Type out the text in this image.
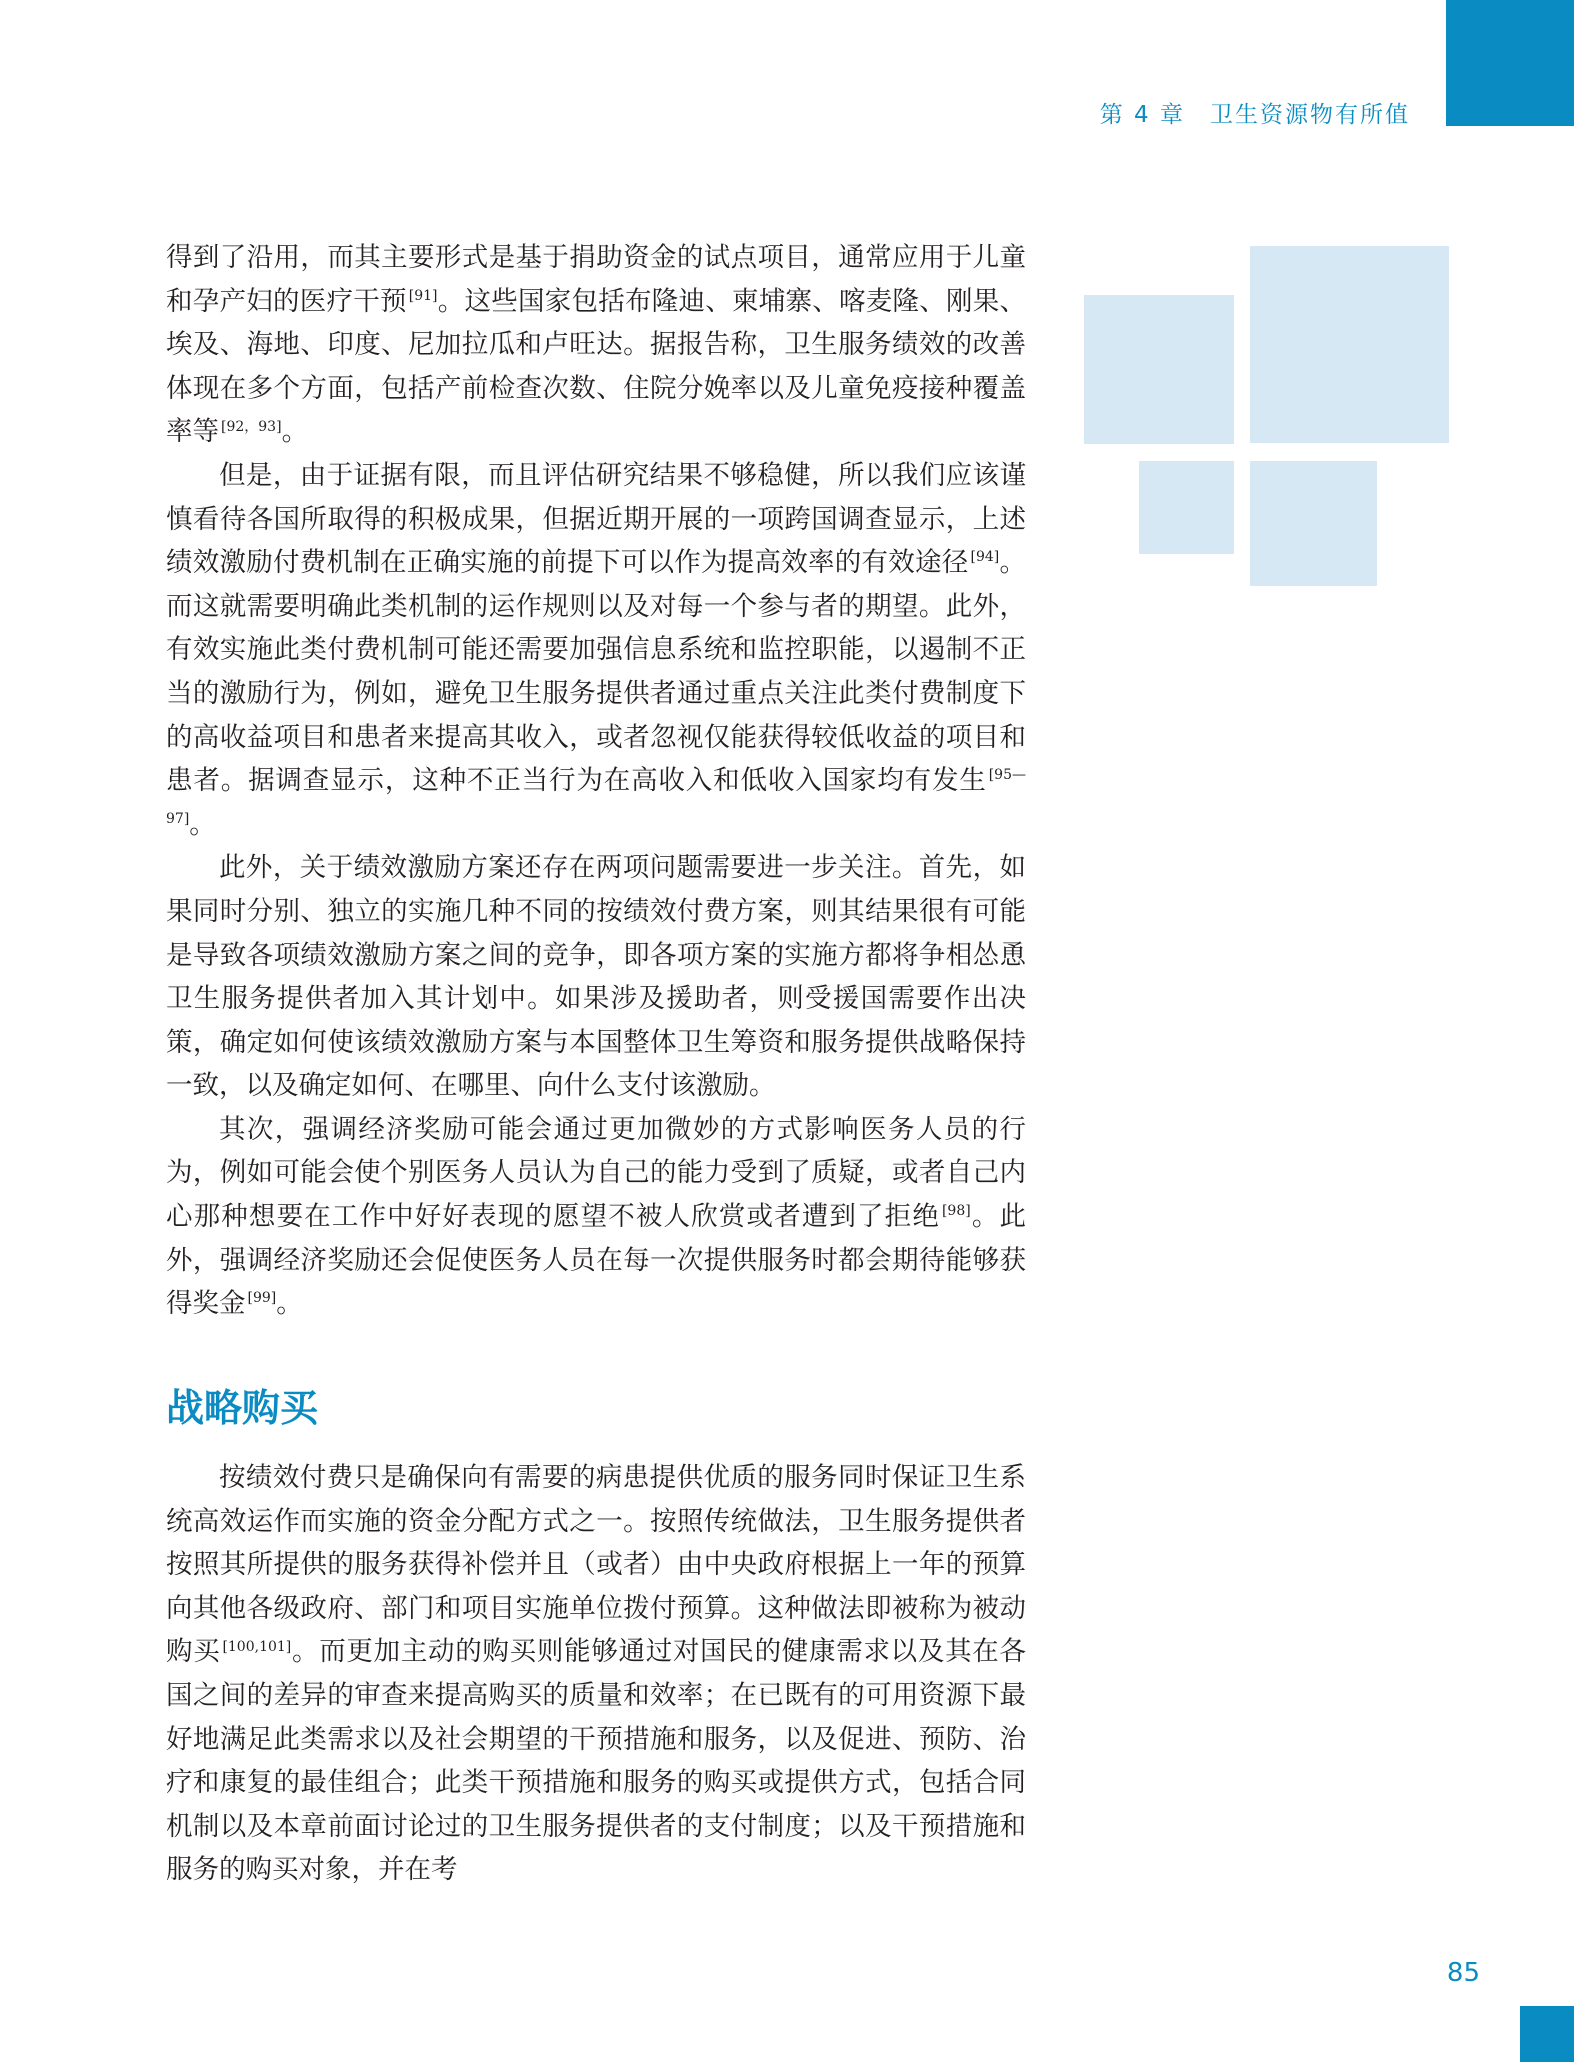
第 4 章　卫生资源物有所值

得到了沿用，而其主要形式是基于捐助资金的试点项目，通常应用于儿童和孕产妇的医疗干预 [91]。这些国家包括布隆迪、柬埔寨、喀麦隆、刚果、埃及、海地、印度、尼加拉瓜和卢旺达。据报告称，卫生服务绩效的改善体现在多个方面，包括产前检查次数、住院分娩率以及儿童免疫接种覆盖率等 [92，93]。

但是，由于证据有限，而且评估研究结果不够稳健，所以我们应该谨慎看待各国所取得的积极成果，但据近期开展的一项跨国调查显示，上述绩效激励付费机制在正确实施的前提下可以作为提高效率的有效途径 [94]。而这就需要明确此类机制的运作规则以及对每一个参与者的期望。此外，有效实施此类付费机制可能还需要加强信息系统和监控职能，以遏制不正当的激励行为，例如，避免卫生服务提供者通过重点关注此类付费制度下的高收益项目和患者来提高其收入，或者忽视仅能获得较低收益的项目和患者。据调查显示，这种不正当行为在高收入和低收入国家均有发生 [95—97]。

此外，关于绩效激励方案还存在两项问题需要进一步关注。首先，如果同时分别、独立的实施几种不同的按绩效付费方案，则其结果很有可能是导致各项绩效激励方案之间的竞争，即各项方案的实施方都将争相怂恿卫生服务提供者加入其计划中。如果涉及援助者，则受援国需要作出决策，确定如何使该绩效激励方案与本国整体卫生筹资和服务提供战略保持一致，以及确定如何、在哪里、向什么支付该激励。

其次，强调经济奖励可能会通过更加微妙的方式影响医务人员的行为，例如可能会使个别医务人员认为自己的能力受到了质疑，或者自己内心那种想要在工作中好好表现的愿望不被人欣赏或者遭到了拒绝 [98]。此外，强调经济奖励还会促使医务人员在每一次提供服务时都会期待能够获得奖金 [99]。

战略购买

按绩效付费只是确保向有需要的病患提供优质的服务同时保证卫生系统高效运作而实施的资金分配方式之一。按照传统做法，卫生服务提供者按照其所提供的服务获得补偿并且（或者）由中央政府根据上一年的预算向其他各级政府、部门和项目实施单位拨付预算。这种做法即被称为被动购买 [100,101]。而更加主动的购买则能够通过对国民的健康需求以及其在各国之间的差异的审查来提高购买的质量和效率；在已既有的可用资源下最好地满足此类需求以及社会期望的干预措施和服务，以及促进、预防、治疗和康复的最佳组合；此类干预措施和服务的购买或提供方式，包括合同机制以及本章前面讨论过的卫生服务提供者的支付制度；以及干预措施和服务的购买对象，并在考

85
